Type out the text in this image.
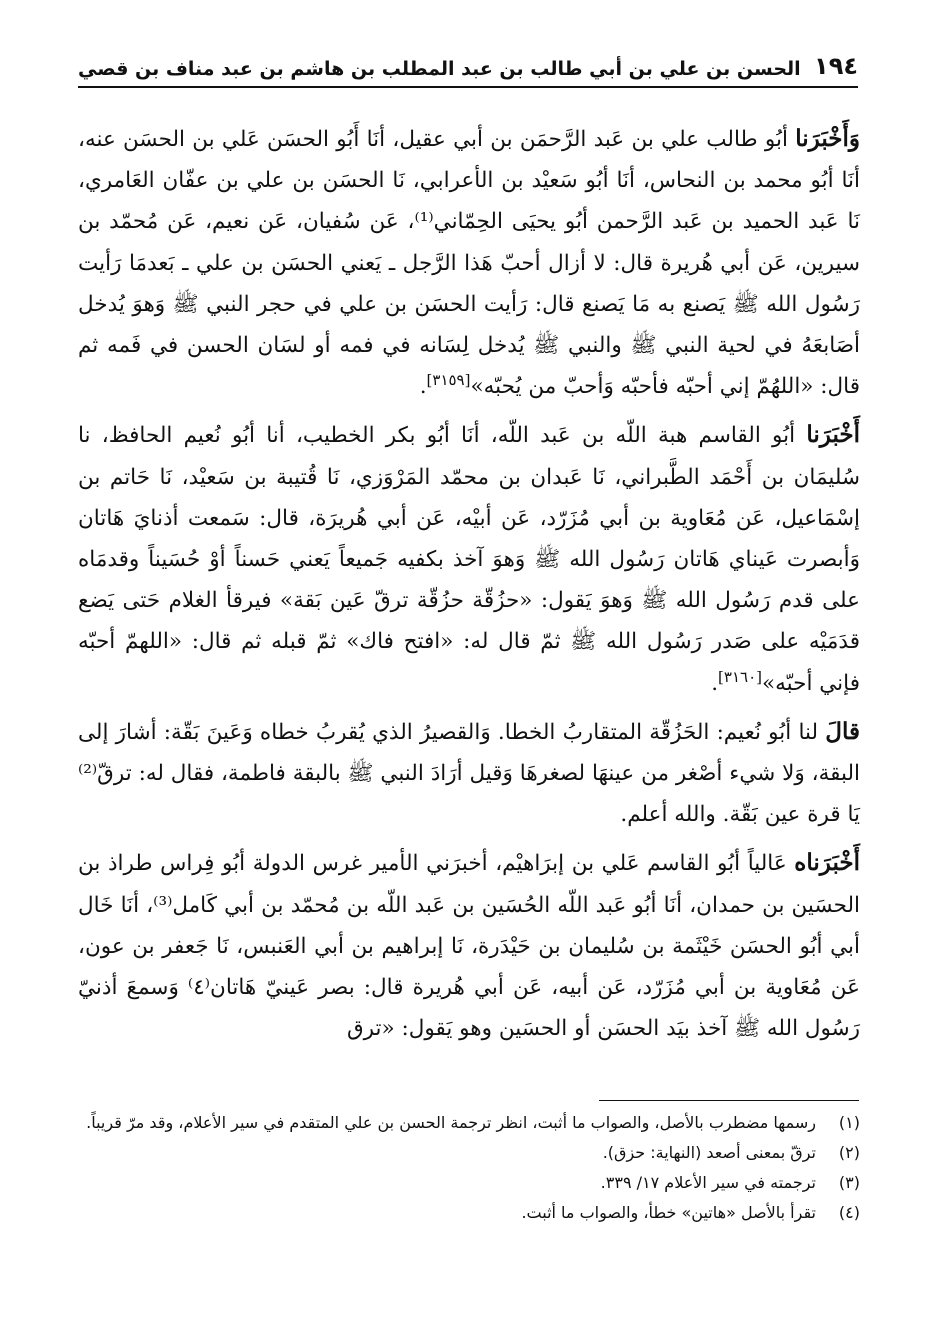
١٩٤
الحسن بن علي بن أبي طالب بن عبد المطلب بن هاشم بن عبد مناف بن قصي

وَأَخْبَرَنا أبُو طالب علي بن عَبد الرَّحمَن بن أبي عقيل، أنَا أَبُو الحسَن عَلي بن الحسَن عنه، أنَا أبُو محمد بن النحاس، أنَا أبُو سَعيْد بن الأعرابي، نَا الحسَن بن علي بن عفّان العَامري، نَا عَبد الحميد بن عَبد الرَّحمن أبُو يحيَى الحِمّاني⁽¹⁾، عَن سُفيان، عَن نعيم، عَن مُحمّد بن سيرين، عَن أبي هُريرة قال: لا أزال أحبّ هَذا الرَّجل ـ يَعني الحسَن بن علي ـ بَعدمَا رَأيت رَسُول الله ﷺ يَصنع به مَا يَصنع قال: رَأيت الحسَن بن علي في حجر النبي ﷺ وَهوَ يُدخل أصَابعَهُ في لحية النبي ﷺ والنبي ﷺ يُدخل لِسَانه في فمه أو لسَان الحسن في فَمه ثم قال: «اللهُمّ إني أحبّه فأحبّه وَأحبّ من يُحبّه»[٣١٥٩].

أَخْبَرَنا أبُو القاسم هبة اللّه بن عَبد اللّه، أنَا أبُو بكر الخطيب، أنا أبُو نُعيم الحافظ، نا سُليمَان بن أَحْمَد الطَّبراني، نَا عَبدان بن محمّد المَرْوَزي، نَا قُتيبة بن سَعيْد، نَا حَاتم بن إسْمَاعيل، عَن مُعَاوية بن أبي مُزَرّد، عَن أبيْه، عَن أبي هُريرَة، قال: سَمعت أذنايَ هَاتان وَأبصرت عَيناي هَاتان رَسُول الله ﷺ وَهوَ آخذ بكفيه جَميعاً يَعني حَسناً أوْ حُسَيناً وقدمَاه على قدم رَسُول الله ﷺ وَهوَ يَقول: «حزُقّة حزُقّة ترقّ عَين بَقة» فيرقأ الغلام حَتى يَضع قدَمَيْه على صَدر رَسُول الله ﷺ ثمّ قال له: «افتح فاك» ثمّ قبله ثم قال: «اللهمّ أحبّه فإني أحبّه»[٣١٦٠].

قالَ لنا أبُو نُعيم: الحَزُقّة المتقاربُ الخطا. وَالقصيرُ الذي يُقربُ خطاه وَعَينَ بَقّة: أشارَ إلى البقة، وَلا شيء أصْغر من عينهَا لصغرهَا وَقيل أرَادَ النبي ﷺ بالبقة فاطمة، فقال له: ترقّ⁽²⁾ يَا قرة عين بَقّة. والله أعلم.

أَخْبَرَناه عَالياً أبُو القاسم عَلي بن إبرَاهيْم، أخبرَني الأمير غرس الدولة أبُو فِراس طراذ بن الحسَين بن حمدان، أنَا أبُو عَبد اللّه الحُسَين بن عَبد اللّه بن مُحمّد بن أبي كَامل⁽³⁾، أنَا خَال أبي أبُو الحسَن خَيْثَمة بن سُليمان بن حَيْدَرة، نَا إبراهيم بن أبي العَنبس، نَا جَعفر بن عون، عَن مُعَاوية بن أبي مُزَرّد، عَن أبيه، عَن أبي هُريرة قال: بصر عَينيّ هَاتان⁽٤⁾ وَسمعَ أذنيّ رَسُول الله ﷺ آخذ بيَد الحسَن أو الحسَين وهو يَقول: «ترق

(١)
رسمها مضطرب بالأصل، والصواب ما أثبت، انظر ترجمة الحسن بن علي المتقدم في سير الأعلام، وقد مرّ قريباً.
(٢)
ترقّ بمعنى أصعد (النهاية: حزق).
(٣)
ترجمته في سير الأعلام ١٧/ ٣٣٩.
(٤)
تقرأ بالأصل «هاتين» خطأ، والصواب ما أثبت.
